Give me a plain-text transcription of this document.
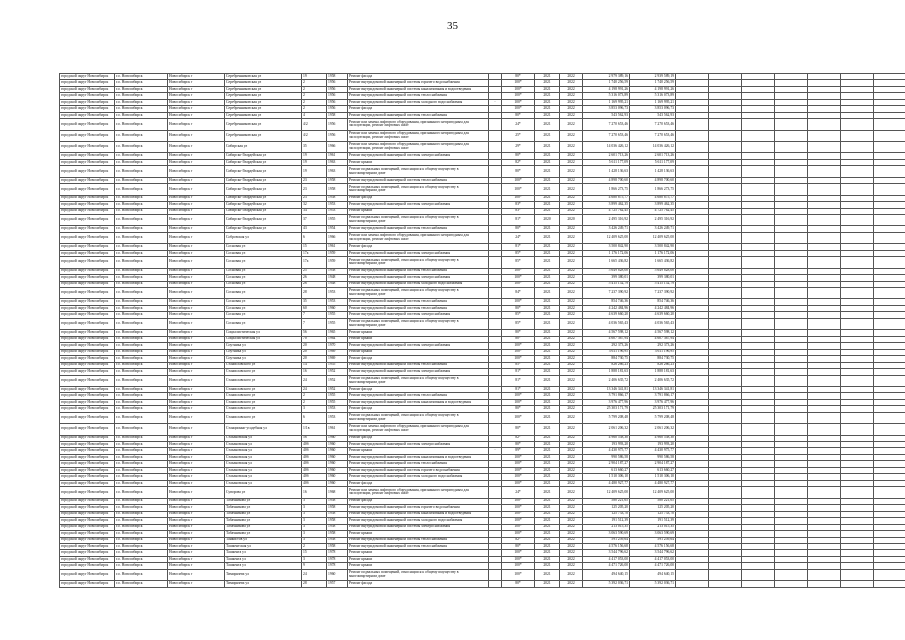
35
городской округ Новосибирск	г.о. Новосибирск	Новосибирск г	Серебренниковская ул	19	1958	Ремонт фасада		80*	2021	2022	2 979 389,16	2 939 589,19							
городской округ Новосибирск	г.о. Новосибирск	Новосибирск г	Серебренниковская ул	2	1956	Ремонт внутридомовой инженерной системы горячего водоснабжения		100*	2021	2022	1 740 256,59	1 740 256,59							
городской округ Новосибирск	г.о. Новосибирск	Новосибирск г	Серебренниковская ул	2	1956	Ремонт внутридомовой инженерной системы канализования и водоотведения		100*	2021	2022	4 198 991,26	4 198 991,26							
городской округ Новосибирск	г.о. Новосибирск	Новосибирск г	Серебренниковская ул	2	1956	Ремонт внутридомовой инженерной системы теплоснабжения		100*	2021	2022	5 316 073,89	5 316 073,89							
городской округ Новосибирск	г.о. Новосибирск	Новосибирск г	Серебренниковская ул	2	1956	Ремонт внутридомовой инженерной системы холодного водоснабжения	-	100*	2021	2022	1 169 995,21	1 169 995,21							
городской округ Новосибирск	г.о. Новосибирск	Новосибирск г	Серебренниковская ул	2	1956	Ремонт фасада		100*	2021	2022	3 853 096,73	3 853 096,73							
городской округ Новосибирск	г.о. Новосибирск	Новосибирск г	Серебренниковская ул	4	1958	Ремонт внутридомовой инженерной системы теплоснабжения		80*	2021	2022	543 562,93	543 562,93							
городской округ Новосибирск	г.о. Новосибирск	Новосибирск г	Серебренниковская ул	4/2	1956	Ремонт или замена лифтового оборудования, признанного непригодным для эксплуатации, ремонт лифтовых шахт		24*	2021	2022	7 270 653,46	7 270 653,46							
городской округ Новосибирск	г.о. Новосибирск	Новосибирск г	Серебренниковская ул	4/2	1956	Ремонт или замена лифтового оборудования, признанного непригодным для эксплуатации, ремонт лифтовых шахт		25*	2021	2022	7 270 653,46	7 270 653,46							
городской округ Новосибирск	г.о. Новосибирск	Новосибирск г	Сибирская ул	35	1966	Ремонт или замена лифтового оборудования, признанного непригодным для эксплуатации, ремонт лифтовых шахт		29*	2021	2022	14 036 426,12	14 036 426,12							
городской округ Новосибирск	г.о. Новосибирск	Новосибирск г	Сибирско-Гвардейская ул	19	1961	Ремонт внутридомовой инженерной системы электроснабжения		80*	2021	2022	2 601 713,26	2 601 713,26							
городской округ Новосибирск	г.о. Новосибирск	Новосибирск г	Сибирско-Гвардейская ул	19	1963	Ремонт крыши		82*	2021	2022	5 611 177,09	5 611 177,09							
городской округ Новосибирск	г.о. Новосибирск	Новосибирск г	Сибирско-Гвардейская ул	19	1963	Ремонт подвальных помещений, относящихся к общему имуществу в многоквартирном доме		80*	2021	2022	1 428 136,63	1 428 136,63							
городской округ Новосибирск	г.о. Новосибирск	Новосибирск г	Сибирско-Гвардейская ул	23	1958	Ремонт внутридомовой инженерной системы теплоснабжения		100*	2021	2022	4 898 700,60	4 898 700,60							
городской округ Новосибирск	г.о. Новосибирск	Новосибирск г	Сибирско-Гвардейская ул	23	1958	Ремонт подвальных помещений, относящихся к общему имуществу в многоквартирном доме		100*	2021	2022	1 866 273,75	1 866 273,75							
городской округ Новосибирск	г.о. Новосибирск	Новосибирск г	Сибирско-Гвардейская ул	23	1958	Ремонт фасада		100*	2021	2022	4 680 875,77	4 680 875,77							
городской округ Новосибирск	г.о. Новосибирск	Новосибирск г	Сибирско-Гвардейская ул	32	1953	Ремонт внутридомовой инженерной системы электроснабжения		83*	2021	2022	3 899 462,35	3 899 462,35							
городской округ Новосибирск	г.о. Новосибирск	Новосибирск г	Сибирско-Гвардейская ул	34	1953	Ремонт крыши		83*	2021	2022	4 725 762,45	4 725 762,45							
городской округ Новосибирск	г.о. Новосибирск	Новосибирск г	Сибирско-Гвардейская ул	37	1955	Ремонт подвальных помещений, относящихся к общему имуществу в многоквартирном доме		81*	2020	2020	2 495 316,92	2 495 316,92							
городской округ Новосибирск	г.о. Новосибирск	Новосибирск г	Сибирско-Гвардейская ул	43	1954	Ремонт внутридомовой инженерной системы теплоснабжения		80*	2021	2022	3 426 249,71	3 426 249,71							
городской округ Новосибирск	г.о. Новосибирск	Новосибирск г	Собровская ул	6	1966	Ремонт или замена лифтового оборудования, признанного непригодным для эксплуатации, ремонт лифтовых шахт		24*	2021	2022	12 409 625,00	12 409 625,00							
городской округ Новосибирск	г.о. Новосибирск	Новосибирск г	Сосновая ул	15	1961	Ремонт фасада		81*	2021	2022	3 500 842,90	3 500 842,90							
городской округ Новосибирск	г.о. Новосибирск	Новосибирск г	Сосновая ул	17а	1959	Ремонт внутридомовой инженерной системы электроснабжения		85*	2021	2022	1 176 172,06	1 176 172,06							
городской округ Новосибирск	г.о. Новосибирск	Новосибирск г	Сосновая ул	17а	1959	Ремонт подвальных помещений, относящихся к общему имуществу в многоквартирном доме		85*	2021	2022	1 665 436,82	1 665 436,82							
городской округ Новосибирск	г.о. Новосибирск	Новосибирск г	Сосновая ул	25	1958	Ремонт внутридомовой инженерной системы теплоснабжения		100*	2021	2022	5 649 828,00	5 649 828,00							
городской округ Новосибирск	г.о. Новосибирск	Новосибирск г	Сосновая ул	26	1948	Ремонт внутридомовой инженерной системы электроснабжения		100*	2021	2022	399 380,01	399 380,01							
городской округ Новосибирск	г.о. Новосибирск	Новосибирск г	Сосновая ул	26	1948	Ремонт внутридомовой инженерной системы холодного водоснабжения		100*	2021	2022	5 415 152,79	5 415 152,79							
городской округ Новосибирск	г.о. Новосибирск	Новосибирск г	Сосновая ул	28	1953	Ремонт подвальных помещений, относящихся к общему имуществу в многоквартирном доме		84*	2021	2022	7 237 390,92	7 237 390,92							
городской округ Новосибирск	г.о. Новосибирск	Новосибирск г	Сосновая ул	35	1953	Ремонт внутридомовой инженерной системы теплоснабжения		100*	2021	2022	854 746,36	854 746,36							
городской округ Новосибирск	г.о. Новосибирск	Новосибирск г	Сосновая ул	60	1960	Ремонт внутридомовой инженерной системы теплоснабжения		80*	2021	2022	4 242 484,96	4 242 484,96							
городской округ Новосибирск	г.о. Новосибирск	Новосибирск г	Сосновая ул	7	1955	Ремонт внутридомовой инженерной системы электроснабжения		85*	2021	2022	4 639 660,20	4 639 660,20							
городской округ Новосибирск	г.о. Новосибирск	Новосибирск г	Сосновая ул	7	1955	Ремонт подвальных помещений, относящихся к общему имуществу в многоквартирном доме		85*	2021	2022	4 036 565,43	4 036 565,43							
городской округ Новосибирск	г.о. Новосибирск	Новосибирск г	Социалистическая ул	56	1965	Ремонт крыши		80*	2021	2022	4 567 598,12	4 567 598,12							
городской округ Новосибирск	г.о. Новосибирск	Новосибирск г	Социалистическая ул	70	1964	Ремонт крыши		80*	2021	2022	4 607 367,94	4 607 367,94							
городской округ Новосибирск	г.о. Новосибирск	Новосибирск г	Спутника ул	20	1970	Ремонт внутридомовой инженерной системы электроснабжения		100*	2021	2022	292 373,26	292 373,26							
городской округ Новосибирск	г.о. Новосибирск	Новосибирск г	Спутника ул	20	1969	Ремонт крыши		100*	2021	2022	3 611 196,95	3 611 196,95							
городской округ Новосибирск	г.о. Новосибирск	Новосибирск г	Спутника ул	20	1969	Ремонт фасада		100*	2021	2022	884 730,75	884 730,75							
городской округ Новосибирск	г.о. Новосибирск	Новосибирск г	Станиславского ул	14	1955	Ремонт внутридомовой инженерной системы теплоснабжения		85*	2021	2022	826 266,23	826 266,23							
городской округ Новосибирск	г.о. Новосибирск	Новосибирск г	Станиславского ул	16	1952	Ремонт внутридомовой инженерной системы электроснабжения		81*	2021	2022	1 888 181,63	1 888 181,63							
городской округ Новосибирск	г.о. Новосибирск	Новосибирск г	Станиславского ул	24	1952	Ремонт подвальных помещений, относящихся к общему имуществу в многоквартирном доме		81*	2021	2022	2 406 635,72	2 406 635,72							
городской округ Новосибирск	г.о. Новосибирск	Новосибирск г	Станиславского ул	24	1952	Ремонт фасада		81*	2021	2022	13 346 341,81	13 346 341,81							
городской округ Новосибирск	г.о. Новосибирск	Новосибирск г	Станиславского ул	2	1955	Ремонт внутридомовой инженерной системы теплоснабжения		100*	2021	2022	3 791 866,17	3 791 866,17							
городской округ Новосибирск	г.о. Новосибирск	Новосибирск г	Станиславского ул	2	1955	Ремонт внутридомовой инженерной системы канализования и водоотведения		100*	2021	2022	3 976 477,96	3 976 477,96							
городской округ Новосибирск	г.о. Новосибирск	Новосибирск г	Станиславского ул	3	1953	Ремонт фасада		80*	2021	2022	25 303 171,79	25 303 171,79							
городской округ Новосибирск	г.о. Новосибирск	Новосибирск г	Станиславского ул	6	1953	Ремонт подвальных помещений, относящихся к общему имуществу в многоквартирном доме		100*	2021	2022	5 799 208,48	5 799 208,48							
городской округ Новосибирск	г.о. Новосибирск	Новосибирск г	Станционно-усадебная ул	1/1в	1961	Ремонт или замена лифтового оборудования, признанного непригодным для эксплуатации, ремонт лифтовых шахт		80*	2021	2022	2 061 206,32	2 061 206,32							
городской округ Новосибирск	г.о. Новосибирск	Новосибирск г	Стахановская ул	56	1960	Ремонт фасада		82*	2021	2022	4 960 558,30	4 960 558,30							
городской округ Новосибирск	г.о. Новосибирск	Новосибирск г	Стахановская ул	40б	1960	Ремонт внутридомовой инженерной системы электроснабжения		80*	2021	2022	193 993,20	193 993,20							
городской округ Новосибирск	г.о. Новосибирск	Новосибирск г	Стахановская ул	40б	1960	Ремонт крыши	-	89*	2021	2022	4 430 975,77	4 430 975,77							
городской округ Новосибирск	г.о. Новосибирск	Новосибирск г	Стахановская ул	40б	1960	Ремонт внутридомовой инженерной системы канализования и водоотведения		100*	2021	2022	990 586,58	990 586,58							
городской округ Новосибирск	г.о. Новосибирск	Новосибирск г	Стахановская ул	40б	1960	Ремонт внутридомовой инженерной системы теплоснабжения		100*	2021	2022	2 904 187,27	2 904 187,27							
городской округ Новосибирск	г.о. Новосибирск	Новосибирск г	Стахановская ул	40б	1960	Ремонт внутридомовой инженерной системы горячего водоснабжения		100*	2021	2022	613 660,27	613 660,27							
городской округ Новосибирск	г.о. Новосибирск	Новосибирск г	Стахановская ул	40б	1960	Ремонт внутридомовой инженерной системы холодного водоснабжения		100*	2021	2022	1 510 306,10	1 510 306,10							
городской округ Новосибирск	г.о. Новосибирск	Новосибирск г	Стахановская ул	40б	1960	Ремонт фасада		100*	2021	2022	4 480 927,77	4 480 927,77							
городской округ Новосибирск	г.о. Новосибирск	Новосибирск г	Суворова ул	16	1968	Ремонт или замена лифтового оборудования, признанного непригодным для эксплуатации, ремонт лифтовых шахт		24*	2021	2022	12 409 625,00	12 409 625,00							
городской округ Новосибирск	г.о. Новосибирск	Новосибирск г	Табачникова ул	3	1958	Ремонт фасада		100*	2021	2022	580 221,65	580 221,65							
городской округ Новосибирск	г.о. Новосибирск	Новосибирск г	Табачникова ул	3	1958	Ремонт внутридомовой инженерной системы горячего водоснабжения		100*	2021	2022	125 205,20	125 205,20							
городской округ Новосибирск	г.о. Новосибирск	Новосибирск г	Табачникова ул	3	1958	Ремонт внутридомовой инженерной системы канализования и водоотведения		100*	2021	2022	125 733,70	125 733,70							
городской округ Новосибирск	г.о. Новосибирск	Новосибирск г	Табачникова ул	3	1958	Ремонт внутридомовой инженерной системы холодного водоснабжения		100*	2021	2022	191 512,39	191 512,39							
городской округ Новосибирск	г.о. Новосибирск	Новосибирск г	Табачникова ул	3	1958	Ремонт внутридомовой инженерной системы электроснабжения		100*	2021	2022	213 015,35	213 015,35							
городской округ Новосибирск	г.о. Новосибирск	Новосибирск г	Табачникова ул	3	1958	Ремонт крыши		100*	2021	2022	3 063 590,69	3 063 590,69							
городской округ Новосибирск	г.о. Новосибирск	Новосибирск г	Танкистов ул	3	1958	Ремонт внутридомовой инженерной системы теплоснабжения		82*	2021	2022	591 259,64	591 259,64							
городской округ Новосибирск	г.о. Новосибирск	Новосибирск г	Ташкентская ул	2	1958	Ремонт внутридомовой инженерной системы теплоснабжения		80*	2021	2022	4 576 156,68	4 576 156,68							
городской округ Новосибирск	г.о. Новосибирск	Новосибирск г	Ташкента ул	15	1978	Ремонт крыши		100*	2021	2022	3 544 796,62	3 544 796,62							
городской округ Новосибирск	г.о. Новосибирск	Новосибирск г	Ташкента ул	3	1978	Ремонт крыши		100*	2021	2022	4 417 053,00	4 417 053,00							
городской округ Новосибирск	г.о. Новосибирск	Новосибирск г	Ташкента ул	9	1978	Ремонт крыши		100*	2021	2022	4 471 726,00	4 471 726,00							
городской округ Новосибирск	г.о. Новосибирск	Новосибирск г	Тимирязева ул	24	1960	Ремонт подвальных помещений, относящихся к общему имуществу в многоквартирном доме		100*	2021	2022	494 640,15	494 640,15							
городской округ Новосибирск	г.о. Новосибирск	Новосибирск г	Тимирязева ул	28	1957	Ремонт фасада		80*	2021	2022	5 392 036,71	5 392 036,71							
